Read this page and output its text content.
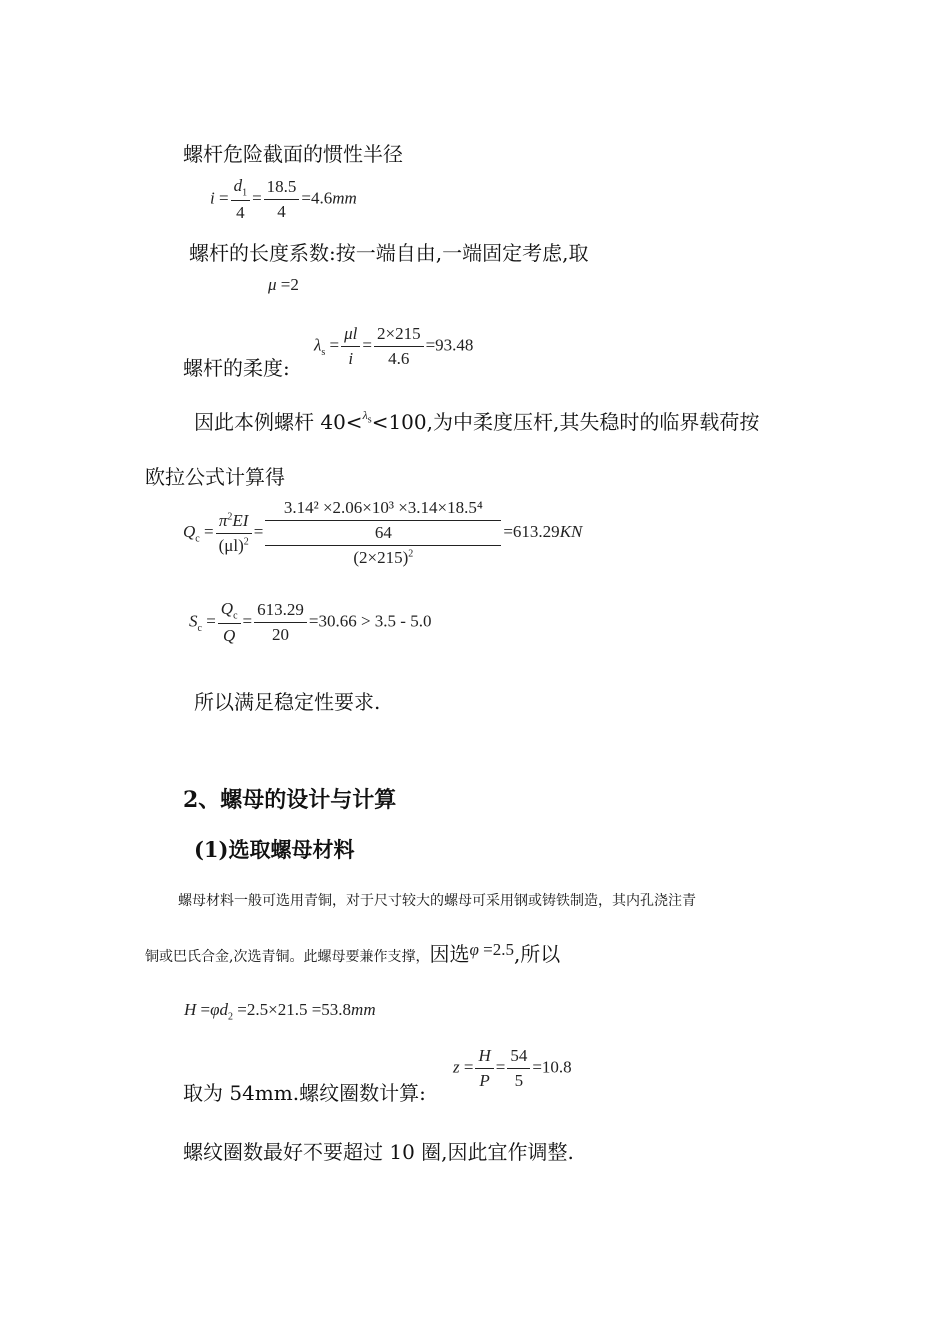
螺杆危险截面的惯性半径
$i = \frac{d_1}{4} = \frac{18.5}{4} =4.6mm$
螺杆的长度系数:按一端自由,一端固定考虑,取
μ =2
螺杆的柔度:
$\lambda_s = \frac{\mu l}{i} = \frac{2\times 215}{4.6} =93.48$
因此本例螺杆 40<$^{\lambda_s}$<100,为中柔度压杆,其失稳时的临界载荷按
欧拉公式计算得
$Q_c = \frac{\pi^2EI}{(\mu l)^2}$ =
3.14² ×2.06×10³ ×3.14×18.5⁴
64
$(2\times 215)^2$
=613.29KN
$S_c = \frac{Q_c}{Q} = \frac{613.29}{20} =30.66 > 3.5 - 5.0$
所以满足稳定性要求.
2、螺母的设计与计算
(1)选取螺母材料
螺母材料一般可选用青铜，对于尺寸较大的螺母可采用钢或铸铁制造，其内孔浇注青
铜或巴氏合金,次选青铜。此螺母要兼作支撑，因选φ =2.5,所以
$H =\varphi d_2 =2.5\times 21.5 =53.8mm$
取为 54mm.螺纹圈数计算:
$z = \frac{H}{P} = \frac{54}{5} =10.8$
螺纹圈数最好不要超过 10 圈,因此宜作调整.
